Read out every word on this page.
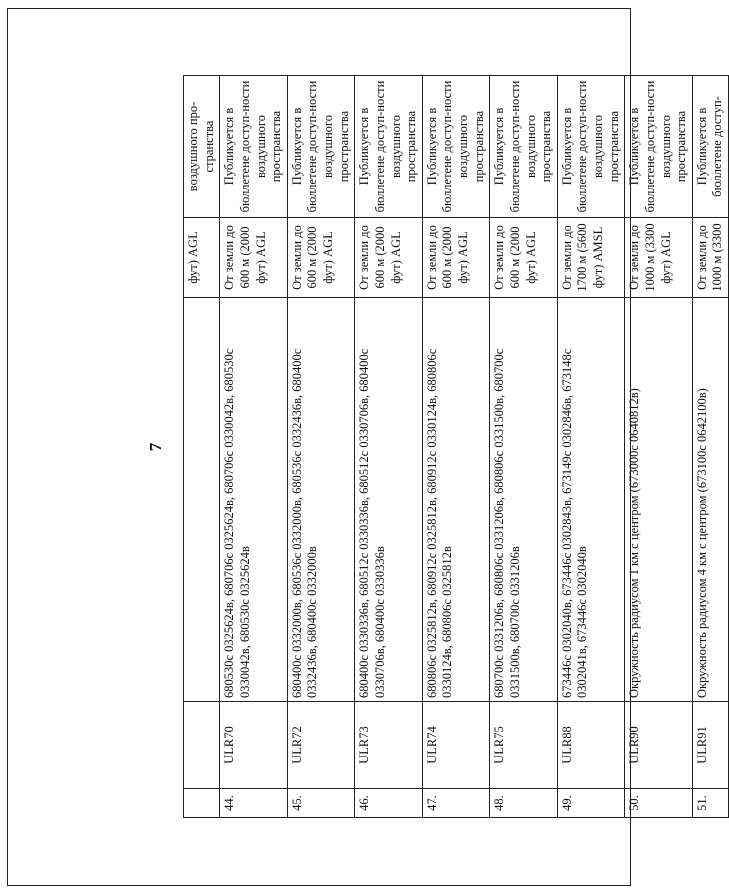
7
			фут) AGL	воздушного про-странства
44.	ULR70	680530с 0325624в, 680706с 0325624в, 680706с 0330042в, 680530с 0330042в, 680530с 0325624в	От земли до 600 м (2000 фут) AGL	Публикуется в бюллетене доступ-ности воздушного пространства
45.	ULR72	680400с 0332000в, 680536с 0332000в, 680536с 0332436в, 680400с 0332436в, 680400с 0332000в	От земли до 600 м (2000 фут) AGL	Публикуется в бюллетене доступ-ности воздушного пространства
46.	ULR73	680400с 0330336в, 680512с 0330336в, 680512с 0330706в, 680400с 0330706в, 680400с 0330336в	От земли до 600 м (2000 фут) AGL	Публикуется в бюллетене доступ-ности воздушного пространства
47.	ULR74	680806с 0325812в, 680912с 0325812в, 680912с 0330124в, 680806с 0330124в, 680806с 0325812в	От земли до 600 м (2000 фут) AGL	Публикуется в бюллетене доступ-ности воздушного пространства
48.	ULR75	680700с 0331206в, 680806с 0331206в, 680806с 0331500в, 680700с 0331500в, 680700с 0331206в	От земли до 600 м (2000 фут) AGL	Публикуется в бюллетене доступ-ности воздушного пространства
49.	ULR88	673446с 0302040в, 673446с 0302843в, 673149с 0302846в, 673148с 0302041в, 673446с 0302040в	От земли до 1700 м (5600 фут) AMSL	Публикуется в бюллетене доступ-ности воздушного пространства
50.	ULR90	Окружность радиусом 1 км с центром (673000с 0640812в)	От земли до 1000 м (3300 фут) AGL	Публикуется в бюллетене доступ-ности воздушного пространства
51.	ULR91	Окружность радиусом 4 км с центром (673100с 0642100в)	От земли до 1000 м (3300	Публикуется в бюллетене доступ-
